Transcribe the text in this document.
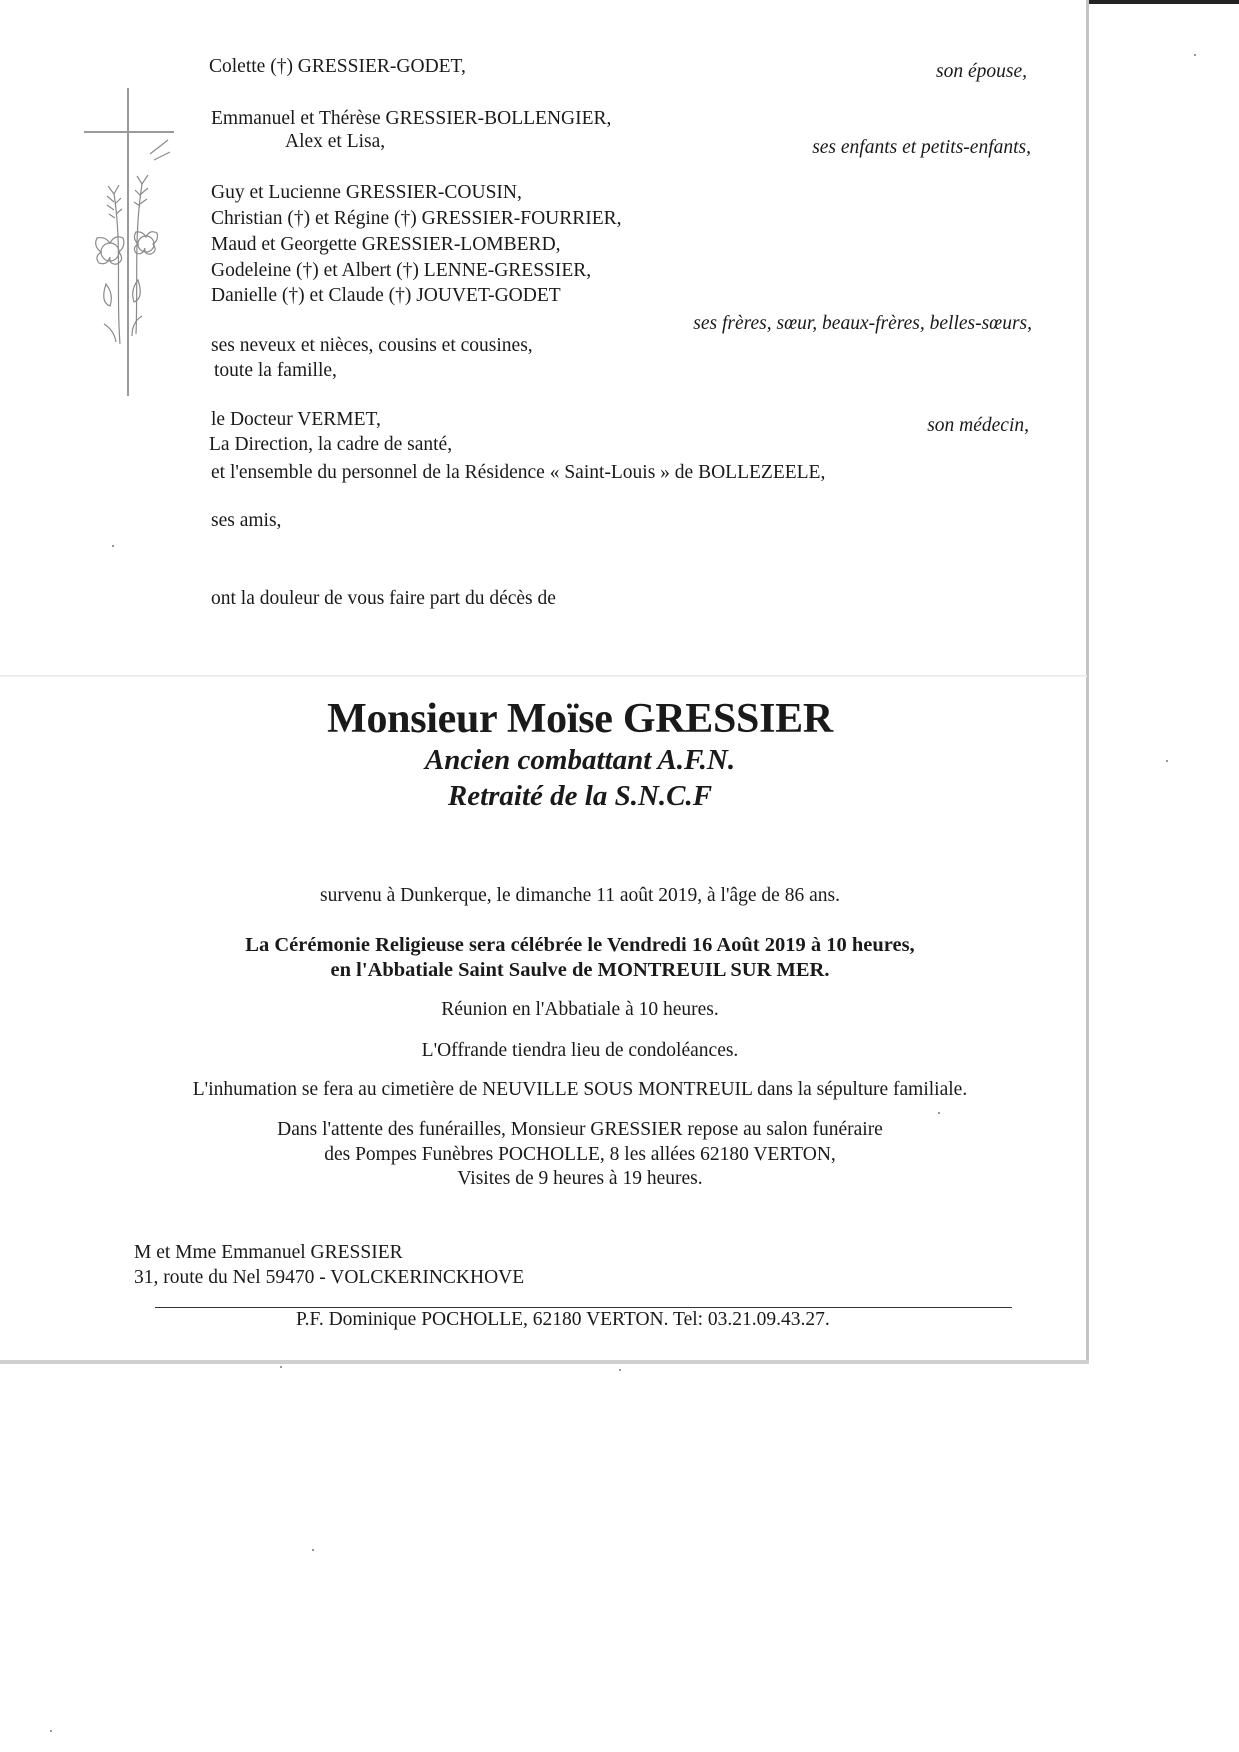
Colette (†) GRESSIER-GODET,	son épouse,
Emmanuel et Thérèse GRESSIER-BOLLENGIER,
Alex et Lisa,	ses enfants et petits-enfants,
Guy et Lucienne GRESSIER-COUSIN,
Christian (†) et Régine (†) GRESSIER-FOURRIER,
Maud et Georgette GRESSIER-LOMBERD,
Godeleine (†) et Albert (†) LENNE-GRESSIER,
Danielle (†) et Claude (†) JOUVET-GODET
ses frères, sœur, beaux-frères, belles-sœurs,
ses neveux et nièces, cousins et cousines,
toute la famille,
le Docteur VERMET,	son médecin,
La Direction, la cadre de santé,
et l'ensemble du personnel de la Résidence « Saint-Louis » de BOLLEZEELE,
ses amis,
ont la douleur de vous faire part du décès de
Monsieur Moïse GRESSIER
Ancien combattant A.F.N.
Retraité de la S.N.C.F
survenu à Dunkerque, le dimanche 11 août 2019, à l'âge de 86 ans.
La Cérémonie Religieuse sera célébrée le Vendredi 16 Août 2019 à 10 heures,
en l'Abbatiale Saint Saulve de MONTREUIL SUR MER.
Réunion en l'Abbatiale à 10 heures.
L'Offrande tiendra lieu de condoléances.
L'inhumation se fera au cimetière de NEUVILLE SOUS MONTREUIL dans la sépulture familiale.
Dans l'attente des funérailles, Monsieur GRESSIER repose au salon funéraire
des Pompes Funèbres POCHOLLE, 8 les allées 62180 VERTON,
Visites de 9 heures à 19 heures.
M et Mme Emmanuel GRESSIER
31, route du Nel 59470 - VOLCKERINCKHOVE
P.F. Dominique POCHOLLE, 62180 VERTON. Tel: 03.21.09.43.27.
